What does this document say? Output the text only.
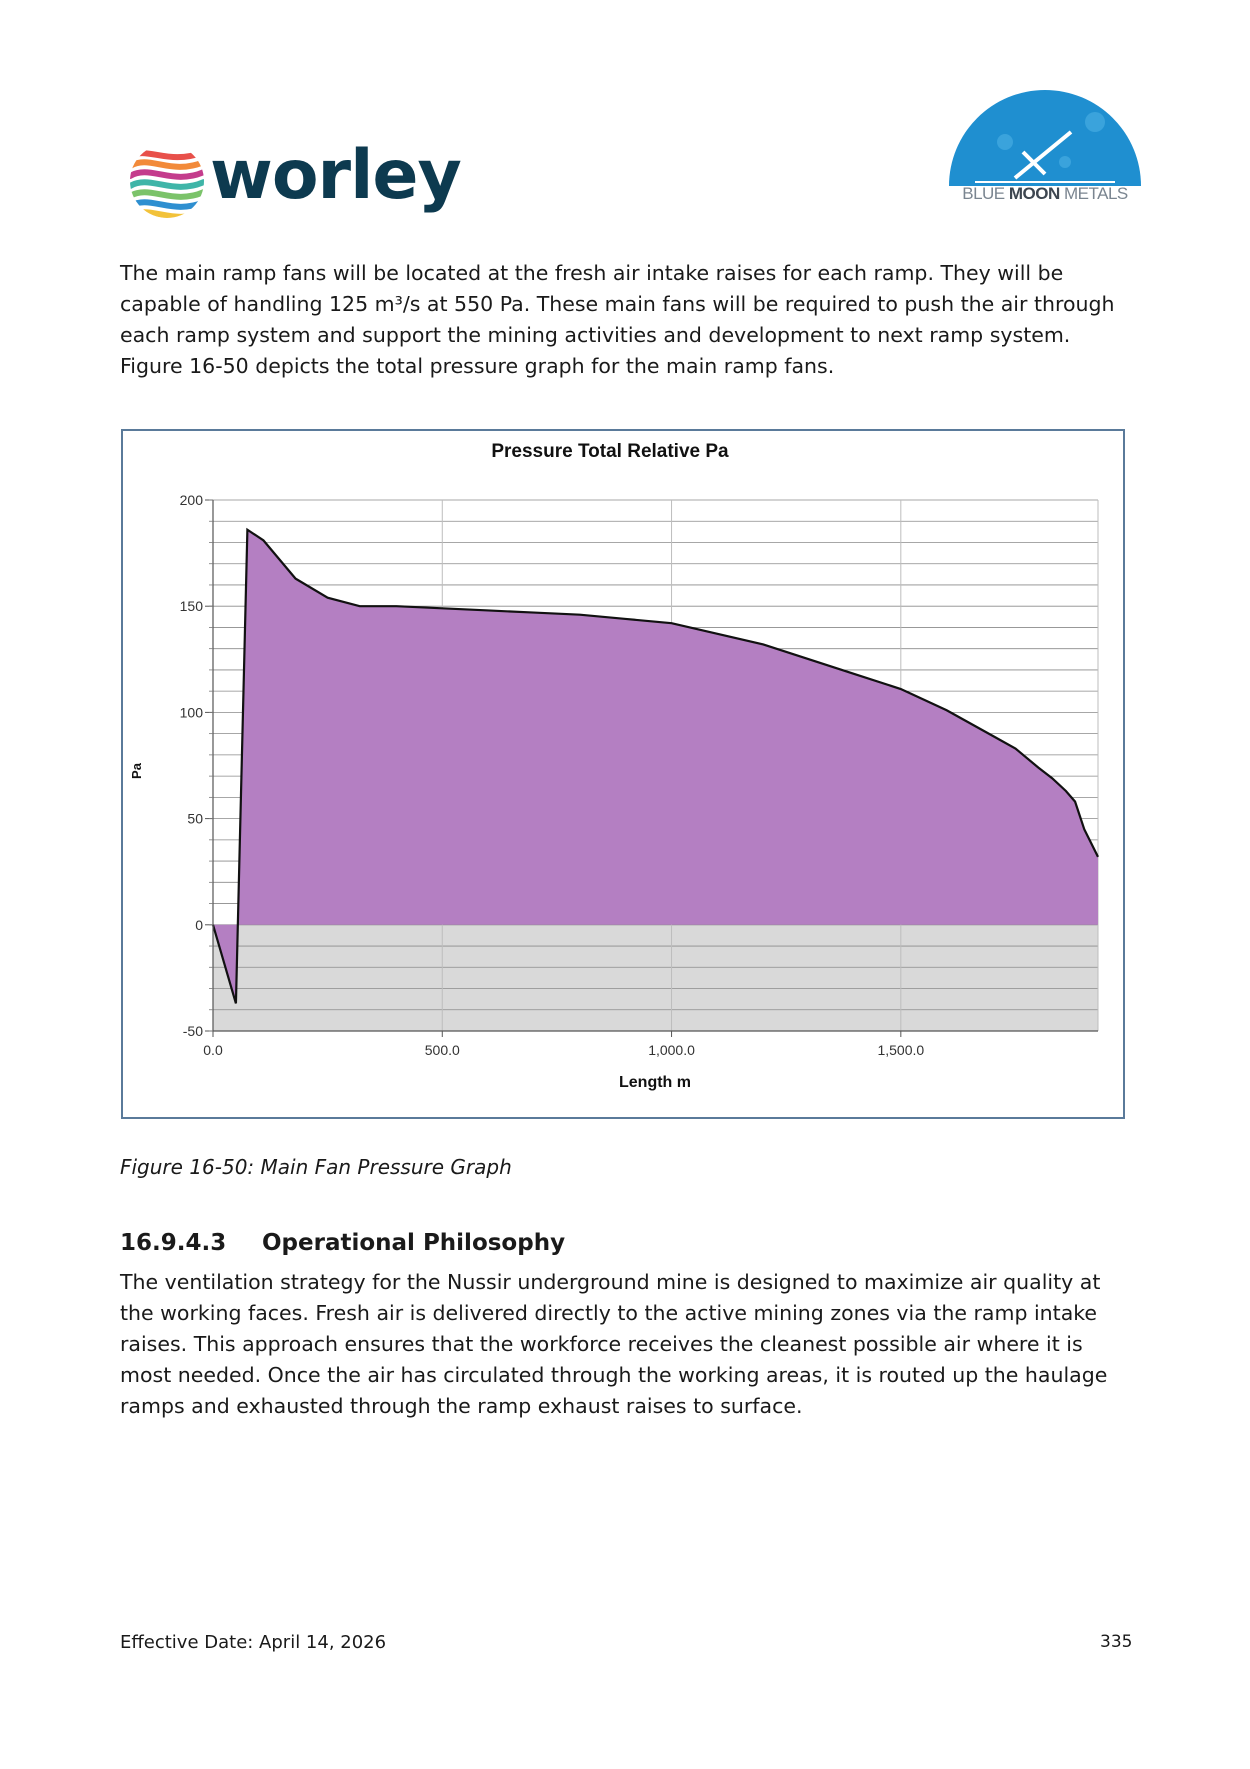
worley	BLUE MOON METALS

The main ramp fans will be located at the fresh air intake raises for each ramp. They will be capable of handling 125 m³/s at 550 Pa. These main fans will be required to push the air through each ramp system and support the mining activities and development to next ramp system. Figure 16-50 depicts the total pressure graph for the main ramp fans.

200
150
100
50
0
-50
0.0	500.0	1,000.0	1,500.0
Pressure Total Relative Pa
Length m
Pa
Figure 16-50: Main Fan Pressure Graph
16.9.4.3 Operational Philosophy

The ventilation strategy for the Nussir underground mine is designed to maximize air quality at the working faces. Fresh air is delivered directly to the active mining zones via the ramp intake raises. This approach ensures that the workforce receives the cleanest possible air where it is most needed. Once the air has circulated through the working areas, it is routed up the haulage ramps and exhausted through the ramp exhaust raises to surface.

Effective Date: April 14, 2026	335
